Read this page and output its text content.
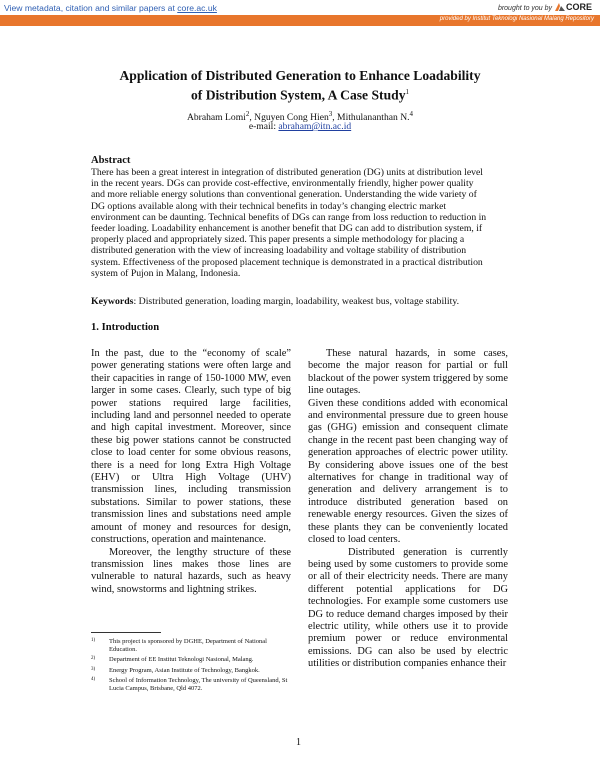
View metadata, citation and similar papers at core.ac.uk	brought to you by CORE
provided by Institut Teknologi Nasional Malang Repository
Application of Distributed Generation to Enhance Loadability
of Distribution System, A Case Study$^1$
Abraham Lomi$^2$, Nguyen Cong Hien$^3$, Mithulananthan N.$^4$
e-mail: abraham@itn.ac.id
Abstract
There has been a great interest in integration of distributed generation (DG) units at distribution level
in the recent years. DGs can provide cost-effective, environmentally friendly, higher power quality
and more reliable energy solutions than conventional generation. Understanding the wide variety of
DG options available along with their technical benefits in today’s changing electric market
environment can be daunting. Technical benefits of DGs can range from loss reduction to reduction in
feeder loading. Loadability enhancement is another benefit that DG can add to distribution system, if
properly placed and appropriately sized. This paper presents a simple methodology for placing a
distributed generation with the view of increasing loadability and voltage stability of distribution
system. Effectiveness of the proposed placement technique is demonstrated in a practical distribution
system of Pujon in Malang, Indonesia.
Keywords: Distributed generation, loading margin, loadability, weakest bus, voltage stability.
1. Introduction

In the past, due to the “economy of scale” power generating stations were often large and their capacities in range of 150-1000 MW, even larger in some cases. Clearly, such type of big power stations required large facilities, including land and personnel needed to operate and high capital investment. Moreover, since these big power stations cannot be constructed close to load center for some obvious reasons, there is a need for long Extra High Voltage (EHV) or Ultra High Voltage (UHV) transmission lines, including transmission substations. Similar to power stations, these transmission lines and substations need ample amount of money and resources for design, constructions, operation and maintenance.

Moreover, the lengthy structure of these transmission lines makes those lines are vulnerable to natural hazards, such as heavy wind, snowstorms and lightning strikes.

These natural hazards, in some cases, become the major reason for partial or full blackout of the power system triggered by some line outages.

Given these conditions added with economical and environmental pressure due to green house gas (GHG) emission and consequent climate change in the recent past been changing way of generation approaches of electric power utility. By considering above issues one of the best alternatives for change in traditional way of generation and delivery arrangement is to introduce distributed generation based on renewable energy resources. Given the sizes of these plants they can be conveniently located closed to load centers.

Distributed generation is currently being used by some customers to provide some or all of their electricity needs. There are many different potential applications for DG technologies. For example some customers use DG to reduce demand charges imposed by their electric utility, while others use it to provide premium power or reduce environmental emissions. DG can also be used by electric utilities or distribution companies enhance their

1) This project is sponsored by DGHE, Department of National Education.
2) Department of EE Institut Teknologi Nasional, Malang.
3) Energy Program, Asian Institute of Technology, Bangkok.
4) School of Information Technology, The university of Queensland, St Lucia Campus, Brisbane, Qld 4072.
1
